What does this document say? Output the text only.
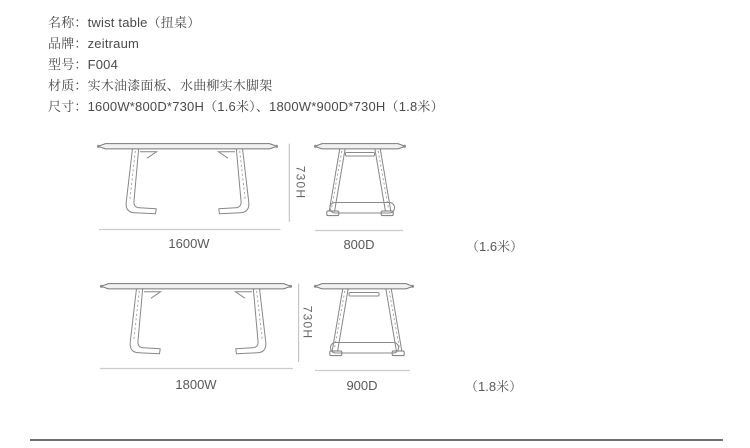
名称：twist table（扭桌）
品牌：zeitraum
型号：F004
材质：实木油漆面板、水曲柳实木脚架
尺寸：1600W*800D*730H（1.6米）、1800W*900D*730H（1.8米）
1600W
730H
800D	（1.6米）
1800W
730H
900D	（1.8米）
